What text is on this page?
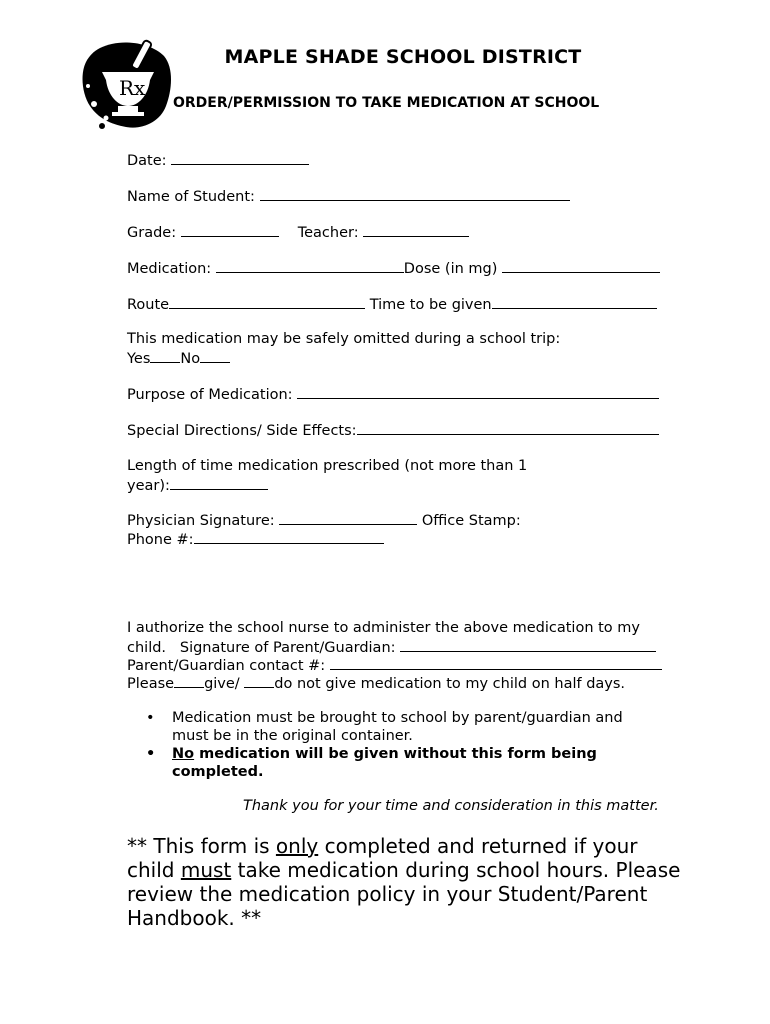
Rx
MAPLE SHADE SCHOOL DISTRICT
ORDER/PERMISSION TO TAKE MEDICATION AT SCHOOL
Date:
Name of Student:
Grade:	Teacher:
Medication:	Dose (in mg)
Route	Time to be given
This medication may be safely omitted during a school trip:
Yes No
Purpose of Medication:
Special Directions/ Side Effects:
Length of time medication prescribed (not more than 1
year):
Physician Signature:	Office Stamp:
Phone #:
I authorize the school nurse to administer the above medication to my
child.   Signature of Parent/Guardian:
Parent/Guardian contact #:
Please give/ do not give medication to my child on half days.
• Medication must be brought to school by parent/guardian and must be in the original container.
• No medication will be given without this form being completed.
Thank you for your time and consideration in this matter.
** This form is only completed and returned if your child must take medication during school hours. Please review the medication policy in your Student/Parent Handbook. **
